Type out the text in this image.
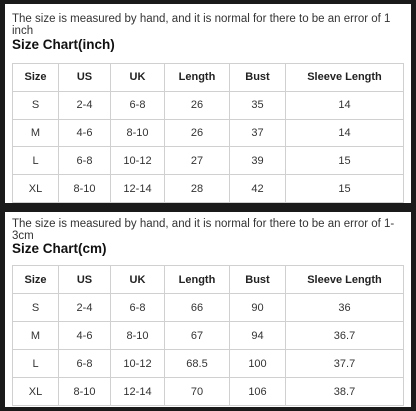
The size is measured by hand, and it is normal for there to be an error of 1 inch
Size Chart(inch)
Size	US	UK	Length	Bust	Sleeve Length
S	2-4	6-8	26	35	14
M	4-6	8-10	26	37	14
L	6-8	10-12	27	39	15
XL	8-10	12-14	28	42	15
The size is measured by hand, and it is normal for there to be an error of 1-3cm
Size Chart(cm)
Size	US	UK	Length	Bust	Sleeve Length
S	2-4	6-8	66	90	36
M	4-6	8-10	67	94	36.7
L	6-8	10-12	68.5	100	37.7
XL	8-10	12-14	70	106	38.7
